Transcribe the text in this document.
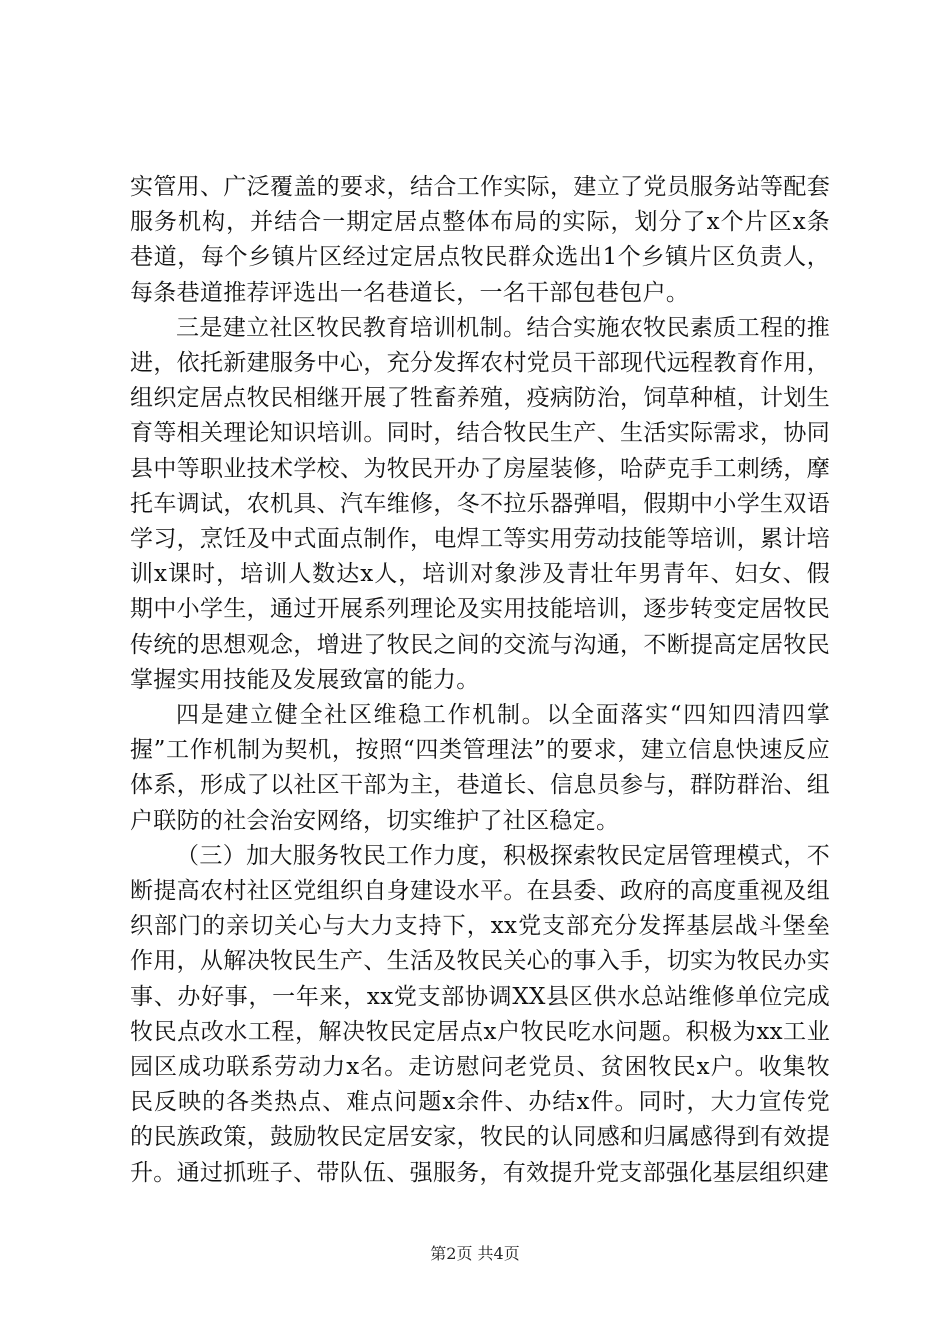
实管用、广泛覆盖的要求，结合工作实际，建立了党员服务站等配套服务机构，并结合一期定居点整体布局的实际，划分了x个片区x条巷道，每个乡镇片区经过定居点牧民群众选出1个乡镇片区负责人，每条巷道推荐评选出一名巷道长，一名干部包巷包户。

三是建立社区牧民教育培训机制。结合实施农牧民素质工程的推进，依托新建服务中心，充分发挥农村党员干部现代远程教育作用，组织定居点牧民相继开展了牲畜养殖，疫病防治，饲草种植，计划生育等相关理论知识培训。同时，结合牧民生产、生活实际需求，协同县中等职业技术学校、为牧民开办了房屋装修，哈萨克手工刺绣，摩托车调试，农机具、汽车维修，冬不拉乐器弹唱，假期中小学生双语学习，烹饪及中式面点制作，电焊工等实用劳动技能等培训，累计培训x课时，培训人数达x人，培训对象涉及青壮年男青年、妇女、假期中小学生，通过开展系列理论及实用技能培训，逐步转变定居牧民传统的思想观念，增进了牧民之间的交流与沟通，不断提高定居牧民掌握实用技能及发展致富的能力。

四是建立健全社区维稳工作机制。以全面落实“四知四清四掌握”工作机制为契机，按照“四类管理法”的要求，建立信息快速反应体系，形成了以社区干部为主，巷道长、信息员参与，群防群治、组户联防的社会治安网络，切实维护了社区稳定。

（三）加大服务牧民工作力度，积极探索牧民定居管理模式，不断提高农村社区党组织自身建设水平。在县委、政府的高度重视及组织部门的亲切关心与大力支持下，xx党支部充分发挥基层战斗堡垒作用，从解决牧民生产、生活及牧民关心的事入手，切实为牧民办实事、办好事，一年来，xx党支部协调XX县区供水总站维修单位完成牧民点改水工程，解决牧民定居点x户牧民吃水问题。积极为xx工业园区成功联系劳动力x名。走访慰问老党员、贫困牧民x户。收集牧民反映的各类热点、难点问题x余件、办结x件。同时，大力宣传党的民族政策，鼓励牧民定居安家，牧民的认同感和归属感得到有效提升。通过抓班子、带队伍、强服务，有效提升党支部强化基层组织建

第2页 共4页
